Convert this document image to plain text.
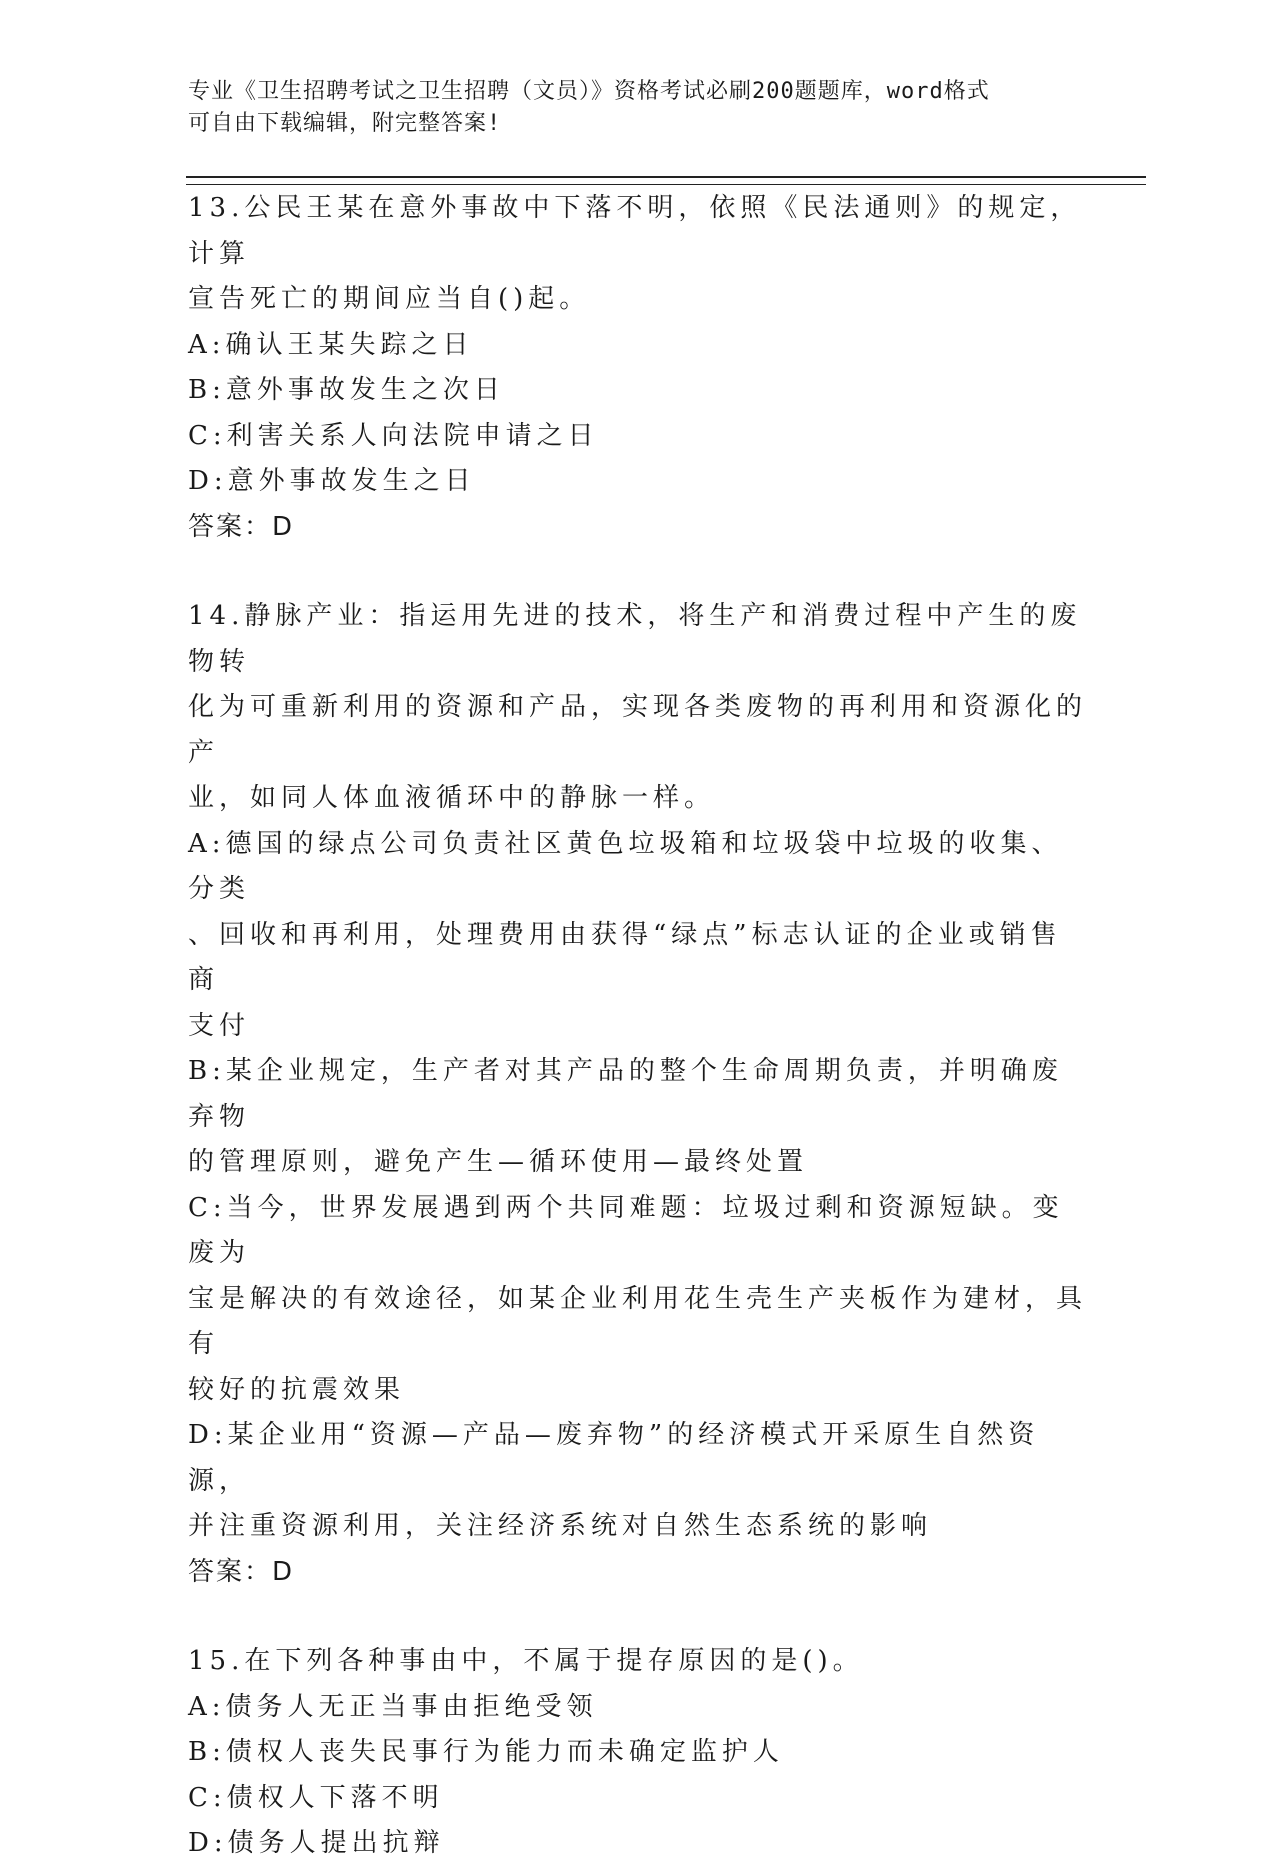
专业《卫生招聘考试之卫生招聘（文员）》资格考试必刷200题题库，word格式
可自由下载编辑，附完整答案!

13.公民王某在意外事故中下落不明，依照《民法通则》的规定，计算

宣告死亡的期间应当自()起。

A:确认王某失踪之日

B:意外事故发生之次日

C:利害关系人向法院申请之日

D:意外事故发生之日

答案：D

14.静脉产业：指运用先进的技术，将生产和消费过程中产生的废物转

化为可重新利用的资源和产品，实现各类废物的再利用和资源化的产

业，如同人体血液循环中的静脉一样。

A:德国的绿点公司负责社区黄色垃圾箱和垃圾袋中垃圾的收集、分类

、回收和再利用，处理费用由获得“绿点”标志认证的企业或销售商

支付

B:某企业规定，生产者对其产品的整个生命周期负责，并明确废弃物

的管理原则，避免产生—循环使用—最终处置

C:当今，世界发展遇到两个共同难题：垃圾过剩和资源短缺。变废为

宝是解决的有效途径，如某企业利用花生壳生产夹板作为建材，具有

较好的抗震效果

D:某企业用“资源—产品—废弃物”的经济模式开采原生自然资源，

并注重资源利用，关注经济系统对自然生态系统的影响

答案：D

15.在下列各种事由中，不属于提存原因的是()。

A:债务人无正当事由拒绝受领

B:债权人丧失民事行为能力而未确定监护人

C:债权人下落不明

D:债务人提出抗辩
